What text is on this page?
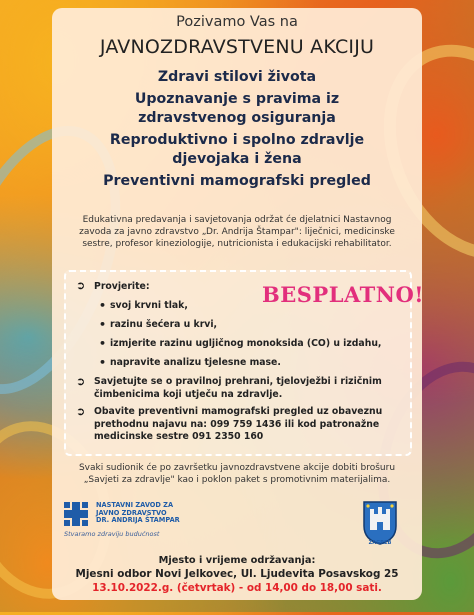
Pozivamo Vas na
JAVNOZDRAVSTVENU AKCIJU
Zdravi stilovi života
Upoznavanje s pravima iz zdravstvenog osiguranja
Reproduktivno i spolno zdravlje djevojaka i žena
Preventivni mamografski pregled
Edukativna predavanja i savjetovanja održat će djelatnici Nastavnog zavoda za javno zdravstvo „Dr. Andrija Štampar": liječnici, medicinske sestre, profesor kineziologije, nutricionista i edukacijski rehabilitator.
BESPLATNO!
➲ Provjerite:
• svoj krvni tlak,
• razinu šećera u krvi,
• izmjerite razinu ugljičnog monoksida (CO) u izdahu,
• napravite analizu tjelesne mase.
➲ Savjetujte se o pravilnoj prehrani, tjelovježbi i rizičnim čimbenicima koji utječu na zdravlje.
➲ Obavite preventivni mamografski pregled uz obaveznu prethodnu najavu na: 099 759 1436 ili kod patronažne medicinske sestre 091 2350 160
Svaki sudionik će po završetku javnozdravstvene akcije dobiti brošuru „Savjeti za zdravlje" kao i poklon paket s promotivnim materijalima.
NASTAVNI ZAVOD ZA
JAVNO ZDRAVSTVO
DR. ANDRIJA ŠTAMPAR
Stvaramo zdraviju budućnost
ZAGREB
Mjesto i vrijeme održavanja:
Mjesni odbor Novi Jelkovec, Ul. Ljudevita Posavskog 25
13.10.2022.g. (četvrtak) - od 14,00 do 18,00 sati.
